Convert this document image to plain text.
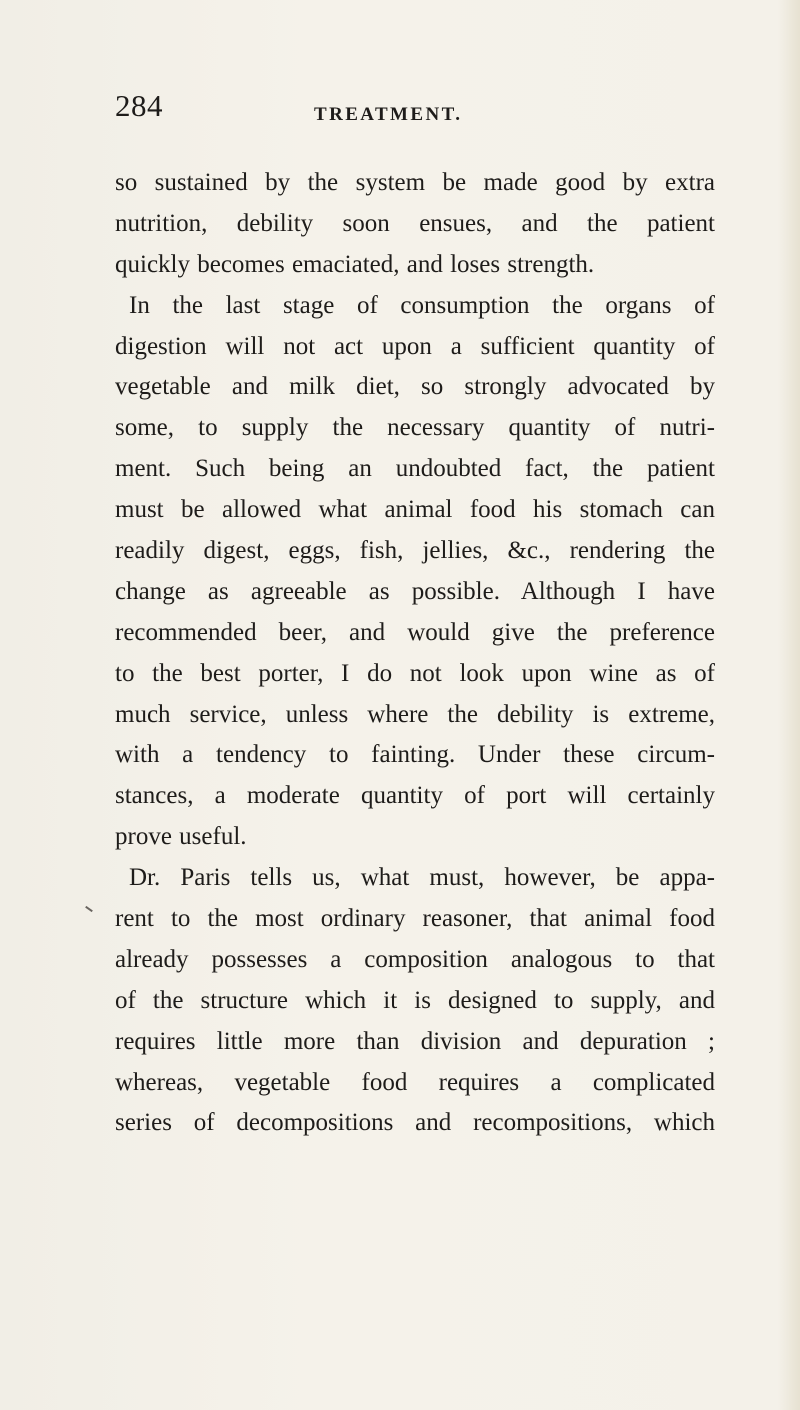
284	TREATMENT.
so sustained by the system be made good by extra
nutrition, debility soon ensues, and the patient
quickly becomes emaciated, and loses strength.
In the last stage of consumption the organs of
digestion will not act upon a sufficient quantity of
vegetable and milk diet, so strongly advocated by
some, to supply the necessary quantity of nutri-
ment. Such being an undoubted fact, the patient
must be allowed what animal food his stomach can
readily digest, eggs, fish, jellies, &c., rendering the
change as agreeable as possible. Although I have
recommended beer, and would give the preference
to the best porter, I do not look upon wine as of
much service, unless where the debility is extreme,
with a tendency to fainting. Under these circum-
stances, a moderate quantity of port will certainly
prove useful.
Dr. Paris tells us, what must, however, be appa-
rent to the most ordinary reasoner, that animal food
already possesses a composition analogous to that
of the structure which it is designed to supply, and
requires little more than division and depuration ;
whereas, vegetable food requires a complicated
series of decompositions and recompositions, which
